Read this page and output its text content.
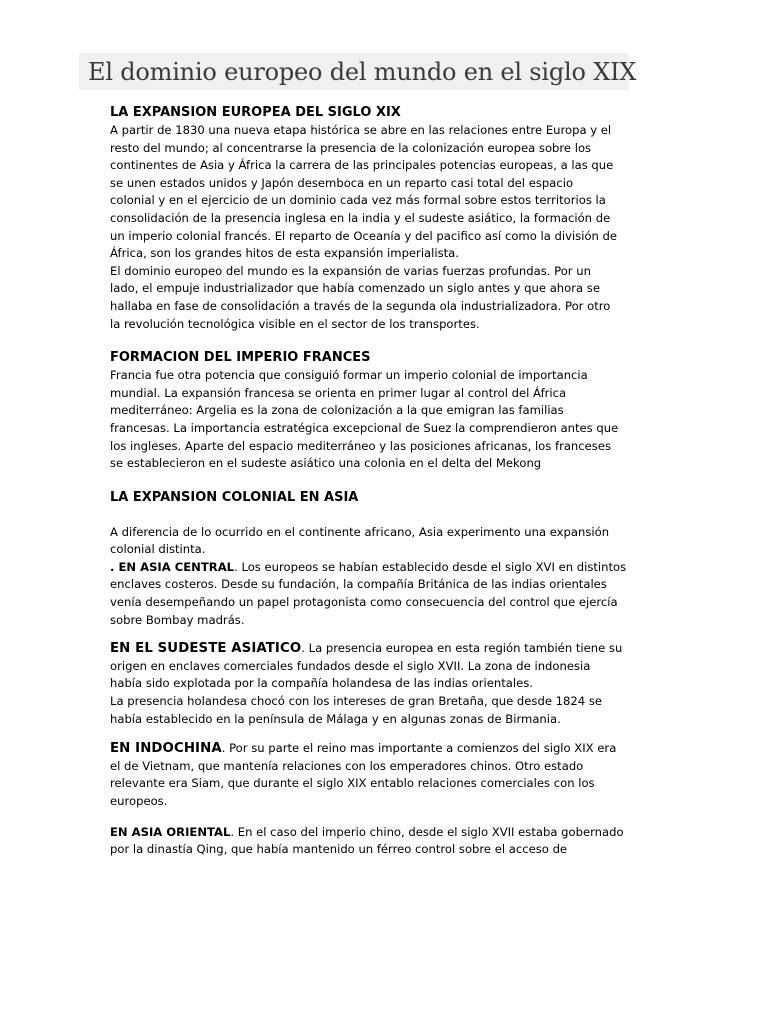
El dominio europeo del mundo en el siglo XIX
LA EXPANSION EUROPEA DEL SIGLO XIX

A partir de 1830 una nueva etapa histórica se abre en las relaciones entre Europa y el
resto del mundo; al concentrarse la presencia de la colonización europea sobre los
continentes de Asia y África la carrera de las principales potencias europeas, a las que
se unen estados unidos y Japón desemboca en un reparto casi total del espacio
colonial y en el ejercicio de un dominio cada vez más formal sobre estos territorios la
consolidación de la presencia inglesa en la india y el sudeste asiático, la formación de
un imperio colonial francés. El reparto de Oceanía y del pacifico así como la división de
África, son los grandes hitos de esta expansión imperialista.
El dominio europeo del mundo es la expansión de varias fuerzas profundas. Por un
lado, el empuje industrializador que había comenzado un siglo antes y que ahora se
hallaba en fase de consolidación a través de la segunda ola industrializadora. Por otro
la revolución tecnológica visible en el sector de los transportes.

FORMACION DEL IMPERIO FRANCES

Francia fue otra potencia que consiguió formar un imperio colonial de importancia
mundial. La expansión francesa se orienta en primer lugar al control del África
mediterráneo: Argelia es la zona de colonización a la que emigran las familias
francesas. La importancia estratégica excepcional de Suez la comprendieron antes que
los ingleses. Aparte del espacio mediterráneo y las posiciones africanas, los franceses
se establecieron en el sudeste asiático una colonia en el delta del Mekong

LA EXPANSION COLONIAL EN ASIA

A diferencia de lo ocurrido en el continente africano, Asia experimento una expansión
colonial distinta.

. EN ASIA CENTRAL. Los europeos se habían establecido desde el siglo XVI en distintos
enclaves costeros. Desde su fundación, la compañía Británica de las indias orientales
venía desempeñando un papel protagonista como consecuencia del control que ejercía
sobre Bombay madrás.

EN EL SUDESTE ASIATICO. La presencia europea en esta región también tiene su
origen en enclaves comerciales fundados desde el siglo XVII. La zona de indonesia
había sido explotada por la compañía holandesa de las indias orientales.
La presencia holandesa chocó con los intereses de gran Bretaña, que desde 1824 se
había establecido en la península de Málaga y en algunas zonas de Birmania.

EN INDOCHINA. Por su parte el reino mas importante a comienzos del siglo XIX era
el de Vietnam, que mantenía relaciones con los emperadores chinos. Otro estado
relevante era Siam, que durante el siglo XIX entablo relaciones comerciales con los
europeos.

EN ASIA ORIENTAL. En el caso del imperio chino, desde el siglo XVII estaba gobernado
por la dinastía Qing, que había mantenido un férreo control sobre el acceso de
